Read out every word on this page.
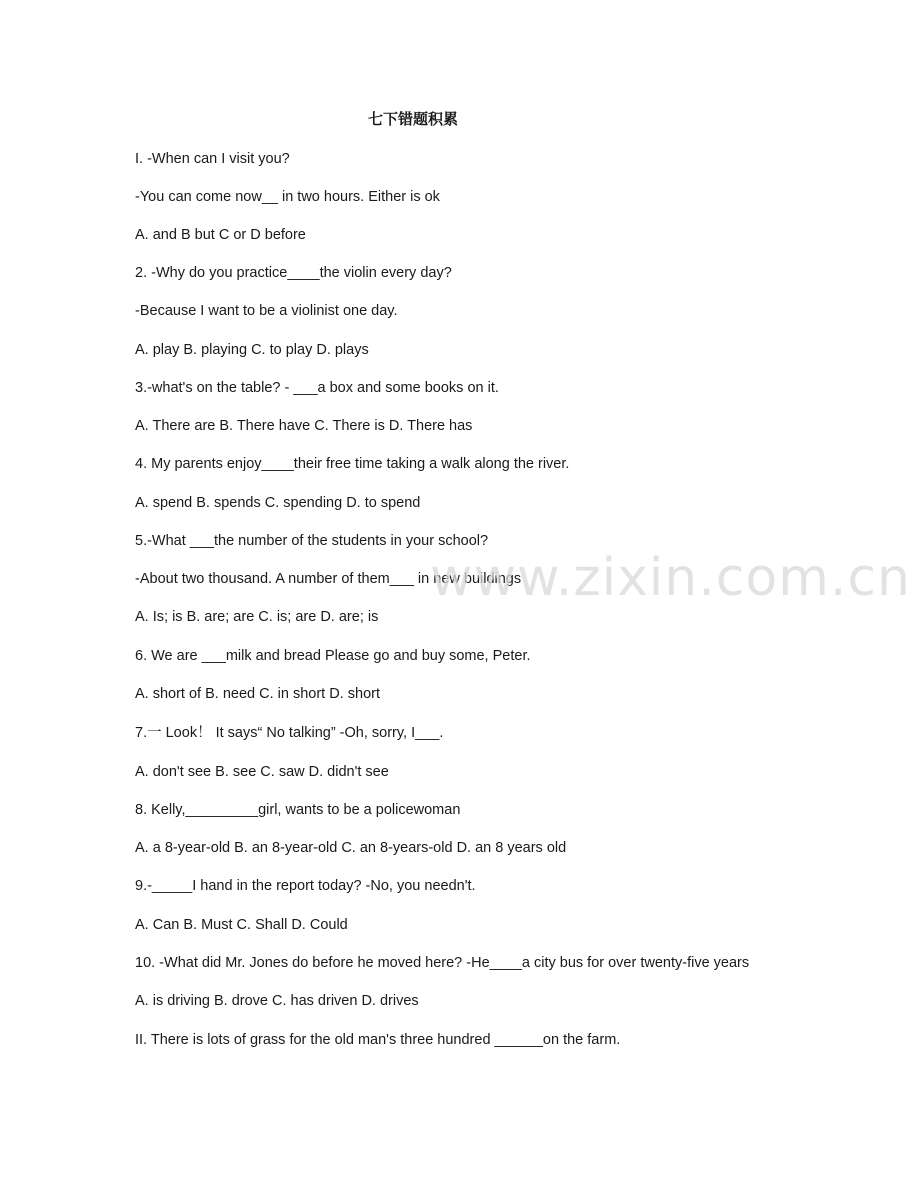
七下错题积累
I. -When can I visit you?
-You can come now__ in two hours. Either is ok
A. and B but C or D before
2. -Why do you practice____the violin every day?
-Because I want to be a violinist one day.
A. play B. playing C. to play D. plays
3.-what's on the table? - ___a box and some books on it.
A. There are B. There have C. There is D. There has
4. My parents enjoy____their free time taking a walk along the river.
A. spend B. spends C. spending D. to spend
5.-What ___the number of the students in your school?
-About two thousand. A number of them___ in new buildings
A. Is; is B. are; are C. is; are D. are; is
6. We are ___milk and bread Please go and buy some, Peter.
A. short of B. need C. in short D. short
7.一 Look！ It says“ No talking” -Oh, sorry, I___.
A. don't see B. see C. saw D. didn't see
8. Kelly,_________girl, wants to be a policewoman
A. a 8-year-old B. an 8-year-old C. an 8-years-old D. an 8 years old
9.-_____I hand in the report today? -No, you needn't.
A. Can B. Must C. Shall D. Could
10. -What did Mr. Jones do before he moved here? -He____a city bus for over twenty-five years
A. is driving B. drove C. has driven D. drives
II. There is lots of grass for the old man's three hundred ______on the farm.
www.zixin.com.cn
